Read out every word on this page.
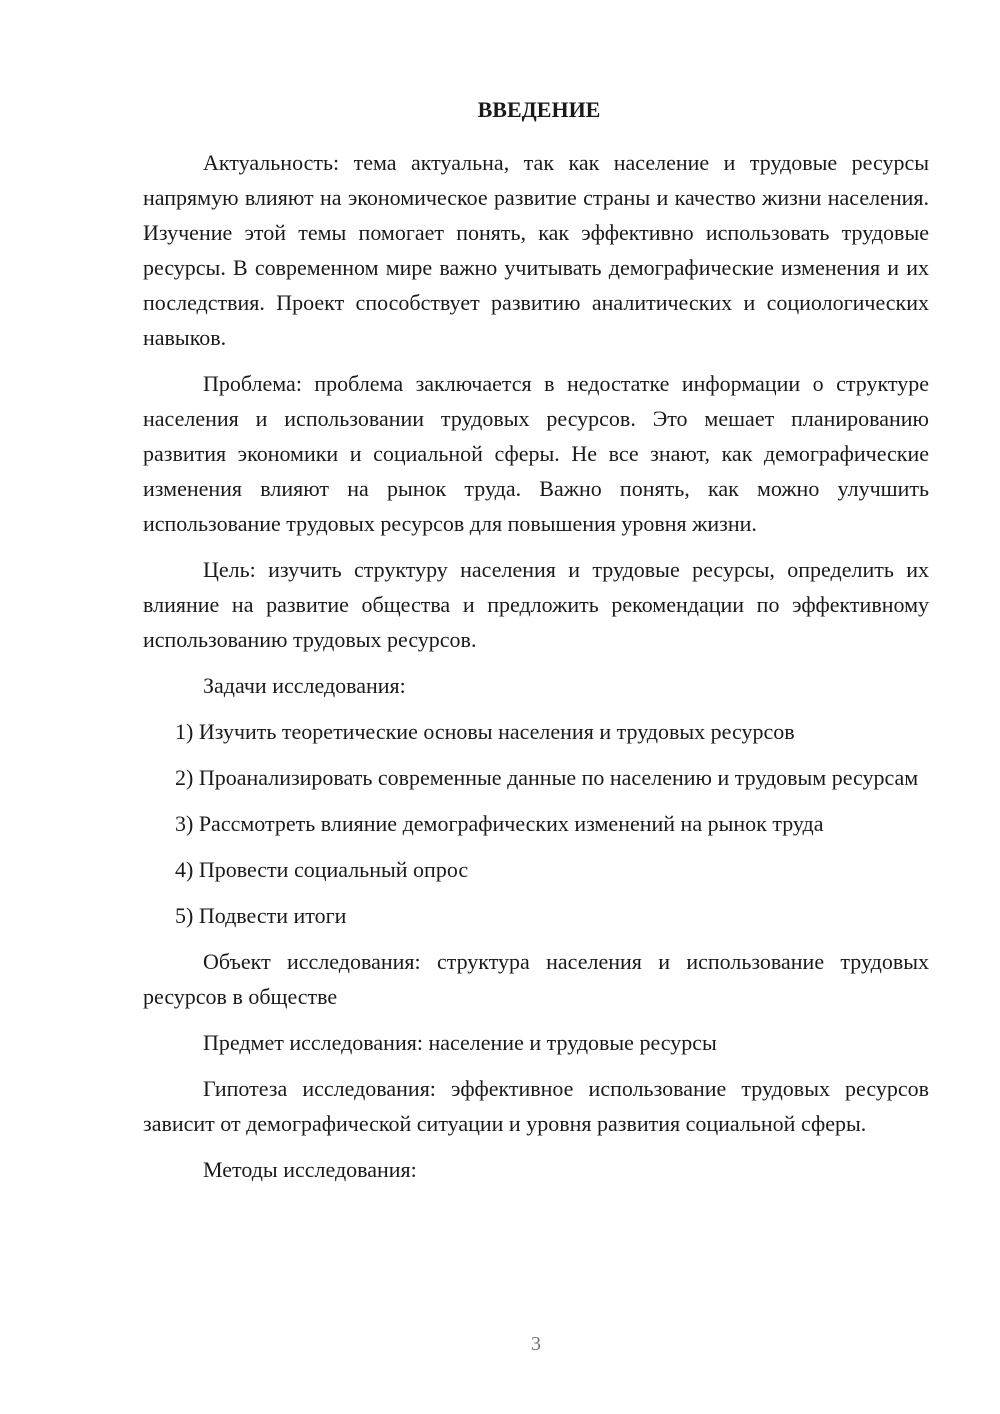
ВВЕДЕНИЕ

Актуальность: тема актуальна, так как население и трудовые ресурсы напрямую влияют на экономическое развитие страны и качество жизни населения. Изучение этой темы помогает понять, как эффективно использовать трудовые ресурсы. В современном мире важно учитывать демографические изменения и их последствия. Проект способствует развитию аналитических и социологических навыков.

Проблема: проблема заключается в недостатке информации о структуре населения и использовании трудовых ресурсов. Это мешает планированию развития экономики и социальной сферы. Не все знают, как демографические изменения влияют на рынок труда. Важно понять, как можно улучшить использование трудовых ресурсов для повышения уровня жизни.

Цель: изучить структуру населения и трудовые ресурсы, определить их влияние на развитие общества и предложить рекомендации по эффективному использованию трудовых ресурсов.

Задачи исследования:

1) Изучить теоретические основы населения и трудовых ресурсов

2) Проанализировать современные данные по населению и трудовым ресурсам

3) Рассмотреть влияние демографических изменений на рынок труда

4) Провести социальный опрос

5) Подвести итоги

Объект исследования: структура населения и использование трудовых ресурсов в обществе

Предмет исследования: население и трудовые ресурсы

Гипотеза исследования: эффективное использование трудовых ресурсов зависит от демографической ситуации и уровня развития социальной сферы.

Методы исследования:

3
